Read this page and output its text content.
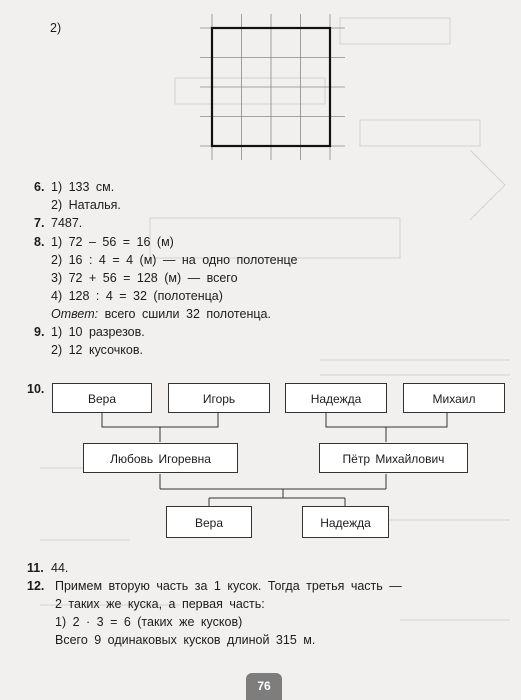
2)
6. 1) 133 см.
2) Наталья.
7. 7487.
8. 1) 72 – 56 = 16 (м)
2) 16 : 4 = 4 (м) — на одно полотенце
3) 72 + 56 = 128 (м) — всего
4) 128 : 4 = 32 (полотенца)
Ответ: всего сшили 32 полотенца.
9. 1) 10 разрезов.
2) 12 кусочков.
10.
Вера	Игорь	Надежда	Михаил
Любовь Игоревна	Пётр Михайлович
Вера	Надежда
11. 44.
12. Примем вторую часть за 1 кусок. Тогда третья часть —
2 таких же куска, а первая часть:
1) 2 · 3 = 6 (таких же кусков)
Всего 9 одинаковых кусков длиной 315 м.
76
